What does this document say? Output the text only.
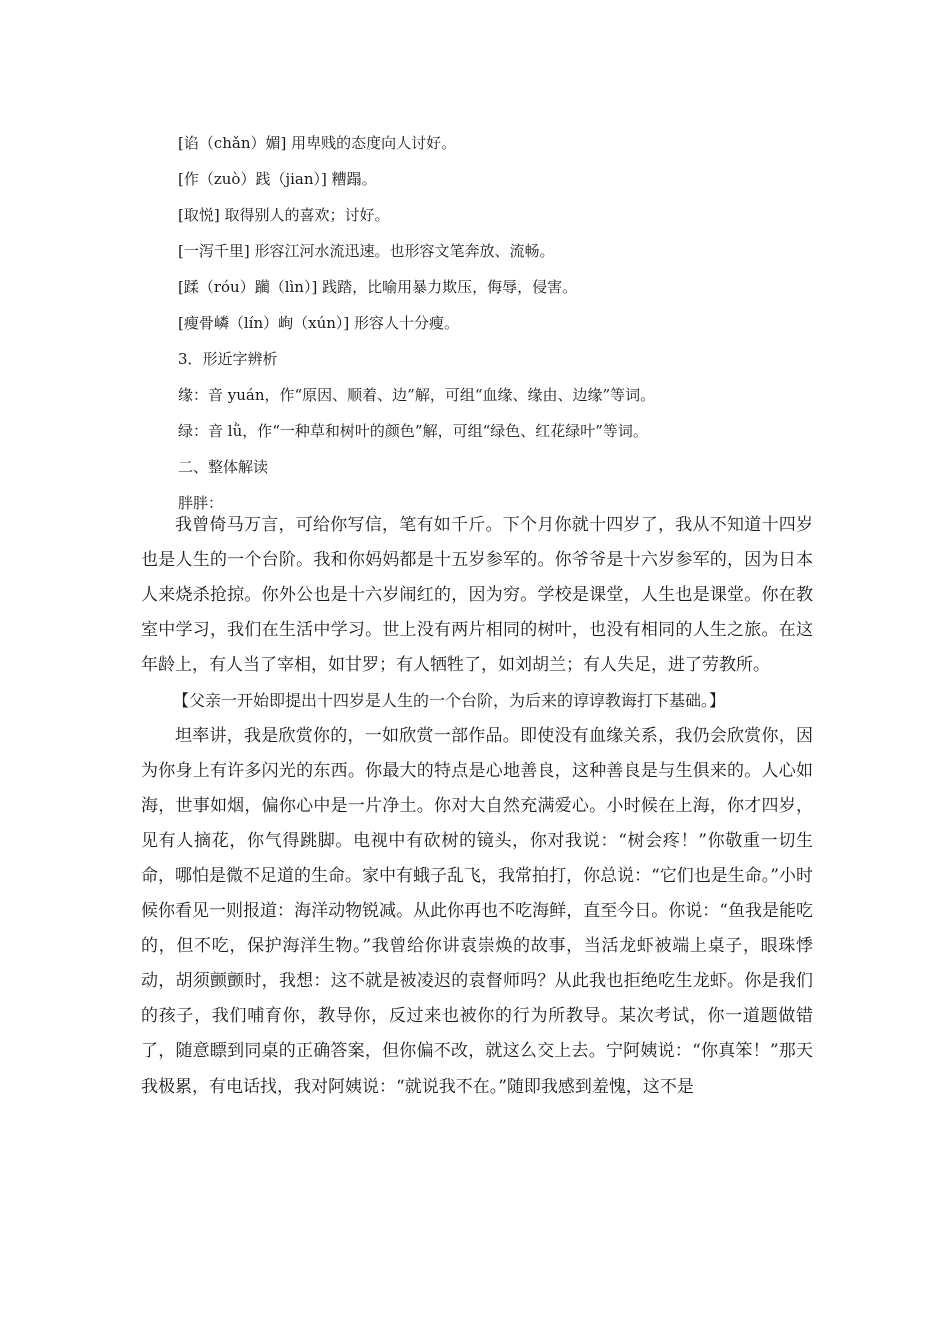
[谄（chǎn）媚] 用卑贱的态度向人讨好。

[作（zuò）践（jian）] 糟蹋。

[取悦] 取得别人的喜欢；讨好。

[一泻千里] 形容江河水流迅速。也形容文笔奔放、流畅。

[蹂（róu）躏（lìn）] 践踏，比喻用暴力欺压，侮辱，侵害。

[瘦骨嶙（lín）峋（xún）] 形容人十分瘦。

3．形近字辨析

缘：音 yuán，作“原因、顺着、边”解，可组“血缘、缘由、边缘”等词。

绿：音 lǜ，作“一种草和树叶的颜色”解，可组“绿色、红花绿叶”等词。

二、整体解读

胖胖：

我曾倚马万言，可给你写信，笔有如千斤。下个月你就十四岁了，我从不知道十四岁也是人生的一个台阶。我和你妈妈都是十五岁参军的。你爷爷是十六岁参军的，因为日本人来烧杀抢掠。你外公也是十六岁闹红的，因为穷。学校是课堂，人生也是课堂。你在教室中学习，我们在生活中学习。世上没有两片相同的树叶，也没有相同的人生之旅。在这年龄上，有人当了宰相，如甘罗；有人牺牲了，如刘胡兰；有人失足，进了劳教所。

【父亲一开始即提出十四岁是人生的一个台阶，为后来的谆谆教诲打下基础。】

坦率讲，我是欣赏你的，一如欣赏一部作品。即使没有血缘关系，我仍会欣赏你，因为你身上有许多闪光的东西。你最大的特点是心地善良，这种善良是与生俱来的。人心如海，世事如烟，偏你心中是一片净土。你对大自然充满爱心。小时候在上海，你才四岁，见有人摘花，你气得跳脚。电视中有砍树的镜头，你对我说：“树会疼！”你敬重一切生命，哪怕是微不足道的生命。家中有蛾子乱飞，我常拍打，你总说：“它们也是生命。”小时候你看见一则报道：海洋动物锐减。从此你再也不吃海鲜，直至今日。你说：“鱼我是能吃的，但不吃，保护海洋生物。”我曾给你讲袁崇焕的故事，当活龙虾被端上桌子，眼珠悸动，胡须颤颤时，我想：这不就是被凌迟的袁督师吗？从此我也拒绝吃生龙虾。你是我们的孩子，我们哺育你，教导你，反过来也被你的行为所教导。某次考试，你一道题做错了，随意瞟到同桌的正确答案，但你偏不改，就这么交上去。宁阿姨说：“你真笨！”那天我极累，有电话找，我对阿姨说：“就说我不在。”随即我感到羞愧，这不是
